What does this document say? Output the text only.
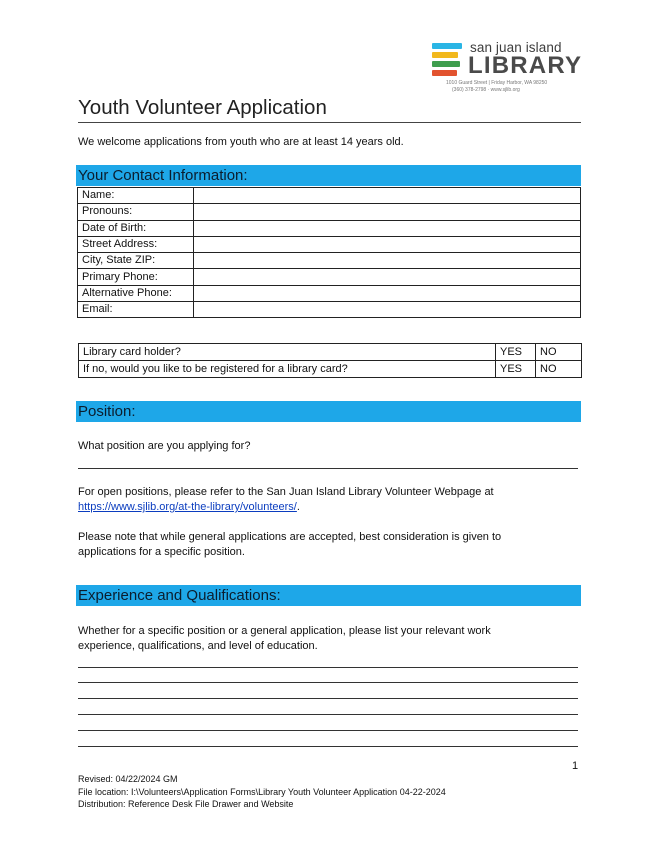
san juan island
LIBRARY
1010 Guard Street | Friday Harbor, WA 98250
(360) 378-2798 · www.sjlib.org
Youth Volunteer Application
We welcome applications from youth who are at least 14 years old.
Your Contact Information:
Name:	
Pronouns:	
Date of Birth:	
Street Address:	
City, State ZIP:	
Primary Phone:	
Alternative Phone:	
Email:	
Library card holder?	YES	NO
If no, would you like to be registered for a library card?	YES	NO
Position:
What position are you applying for?
For open positions, please refer to the San Juan Island Library Volunteer Webpage at
https://www.sjlib.org/at-the-library/volunteers/.
Please note that while general applications are accepted, best consideration is given to
applications for a specific position.
Experience and Qualifications:
Whether for a specific position or a general application, please list your relevant work
experience, qualifications, and level of education.
1
Revised: 04/22/2024 GM
File location: I:\Volunteers\Application Forms\Library Youth Volunteer Application 04-22-2024
Distribution: Reference Desk File Drawer and Website
